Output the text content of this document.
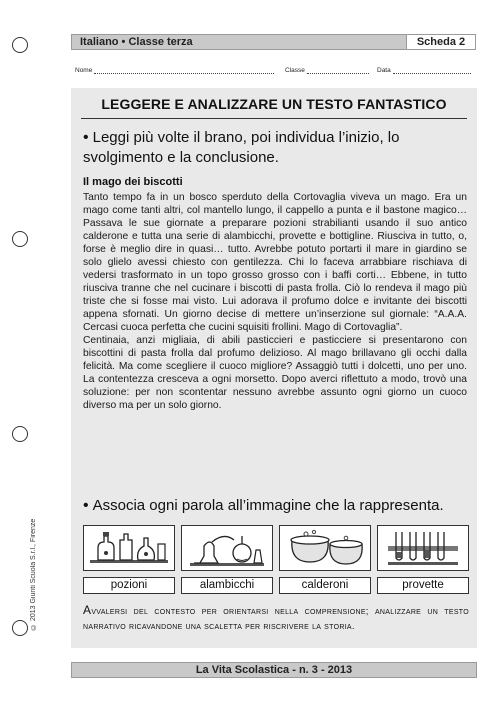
© 2013 Giunti Scuola S.r.l., Firenze
Italiano • Classe terza	Scheda 2
Nome	Classe	Data
LEGGERE E ANALIZZARE UN TESTO FANTASTICO
• Leggi più volte il brano, poi individua l’inizio, lo svolgimento e la conclusione.
Il mago dei biscotti

Tanto tempo fa in un bosco sperduto della Cortovaglia viveva un mago. Era un mago come tanti altri, col mantello lungo, il cappello a punta e il bastone magico… Passava le sue giornate a preparare pozioni strabilianti usando il suo antico calderone e tutta una serie di alambicchi, provette e bottigline. Riusciva in tutto, o, forse è meglio dire in quasi… tutto. Avrebbe potuto portarti il mare in giardino se solo glielo avessi chiesto con gentilezza. Chi lo faceva arrabbiare rischiava di vedersi trasformato in un topo grosso grosso con i baffi corti… Ebbene, in tutto riusciva tranne che nel cucinare i biscotti di pasta frolla. Ciò lo rendeva il mago più triste che si fosse mai visto. Lui adorava il profumo dolce e invitante dei biscotti appena sfornati. Un giorno decise di mettere un’inserzione sul giornale: “A.A.A. Cercasi cuoca perfetta che cucini squisiti frollini. Mago di Cortovaglia”.

Centinaia, anzi migliaia, di abili pasticcieri e pasticciere si presentarono con biscottini di pasta frolla dal profumo delizioso. Al mago brillavano gli occhi dalla felicità. Ma come scegliere il cuoco migliore? Assaggiò tutti i dolcetti, uno per uno. La contentezza cresceva a ogni morsetto. Dopo averci riflettuto a modo, trovò una soluzione: per non scontentar nessuno avrebbe assunto ogni giorno un cuoco diverso ma per un solo giorno.

• Associa ogni parola all’immagine che la rappresenta.
pozioni	alambicchi	calderoni	provette
Avvalersi del contesto per orientarsi nella comprensione; analizzare un testo narrativo ricavandone una scaletta per riscrivere la storia.
La Vita Scolastica - n. 3 - 2013
